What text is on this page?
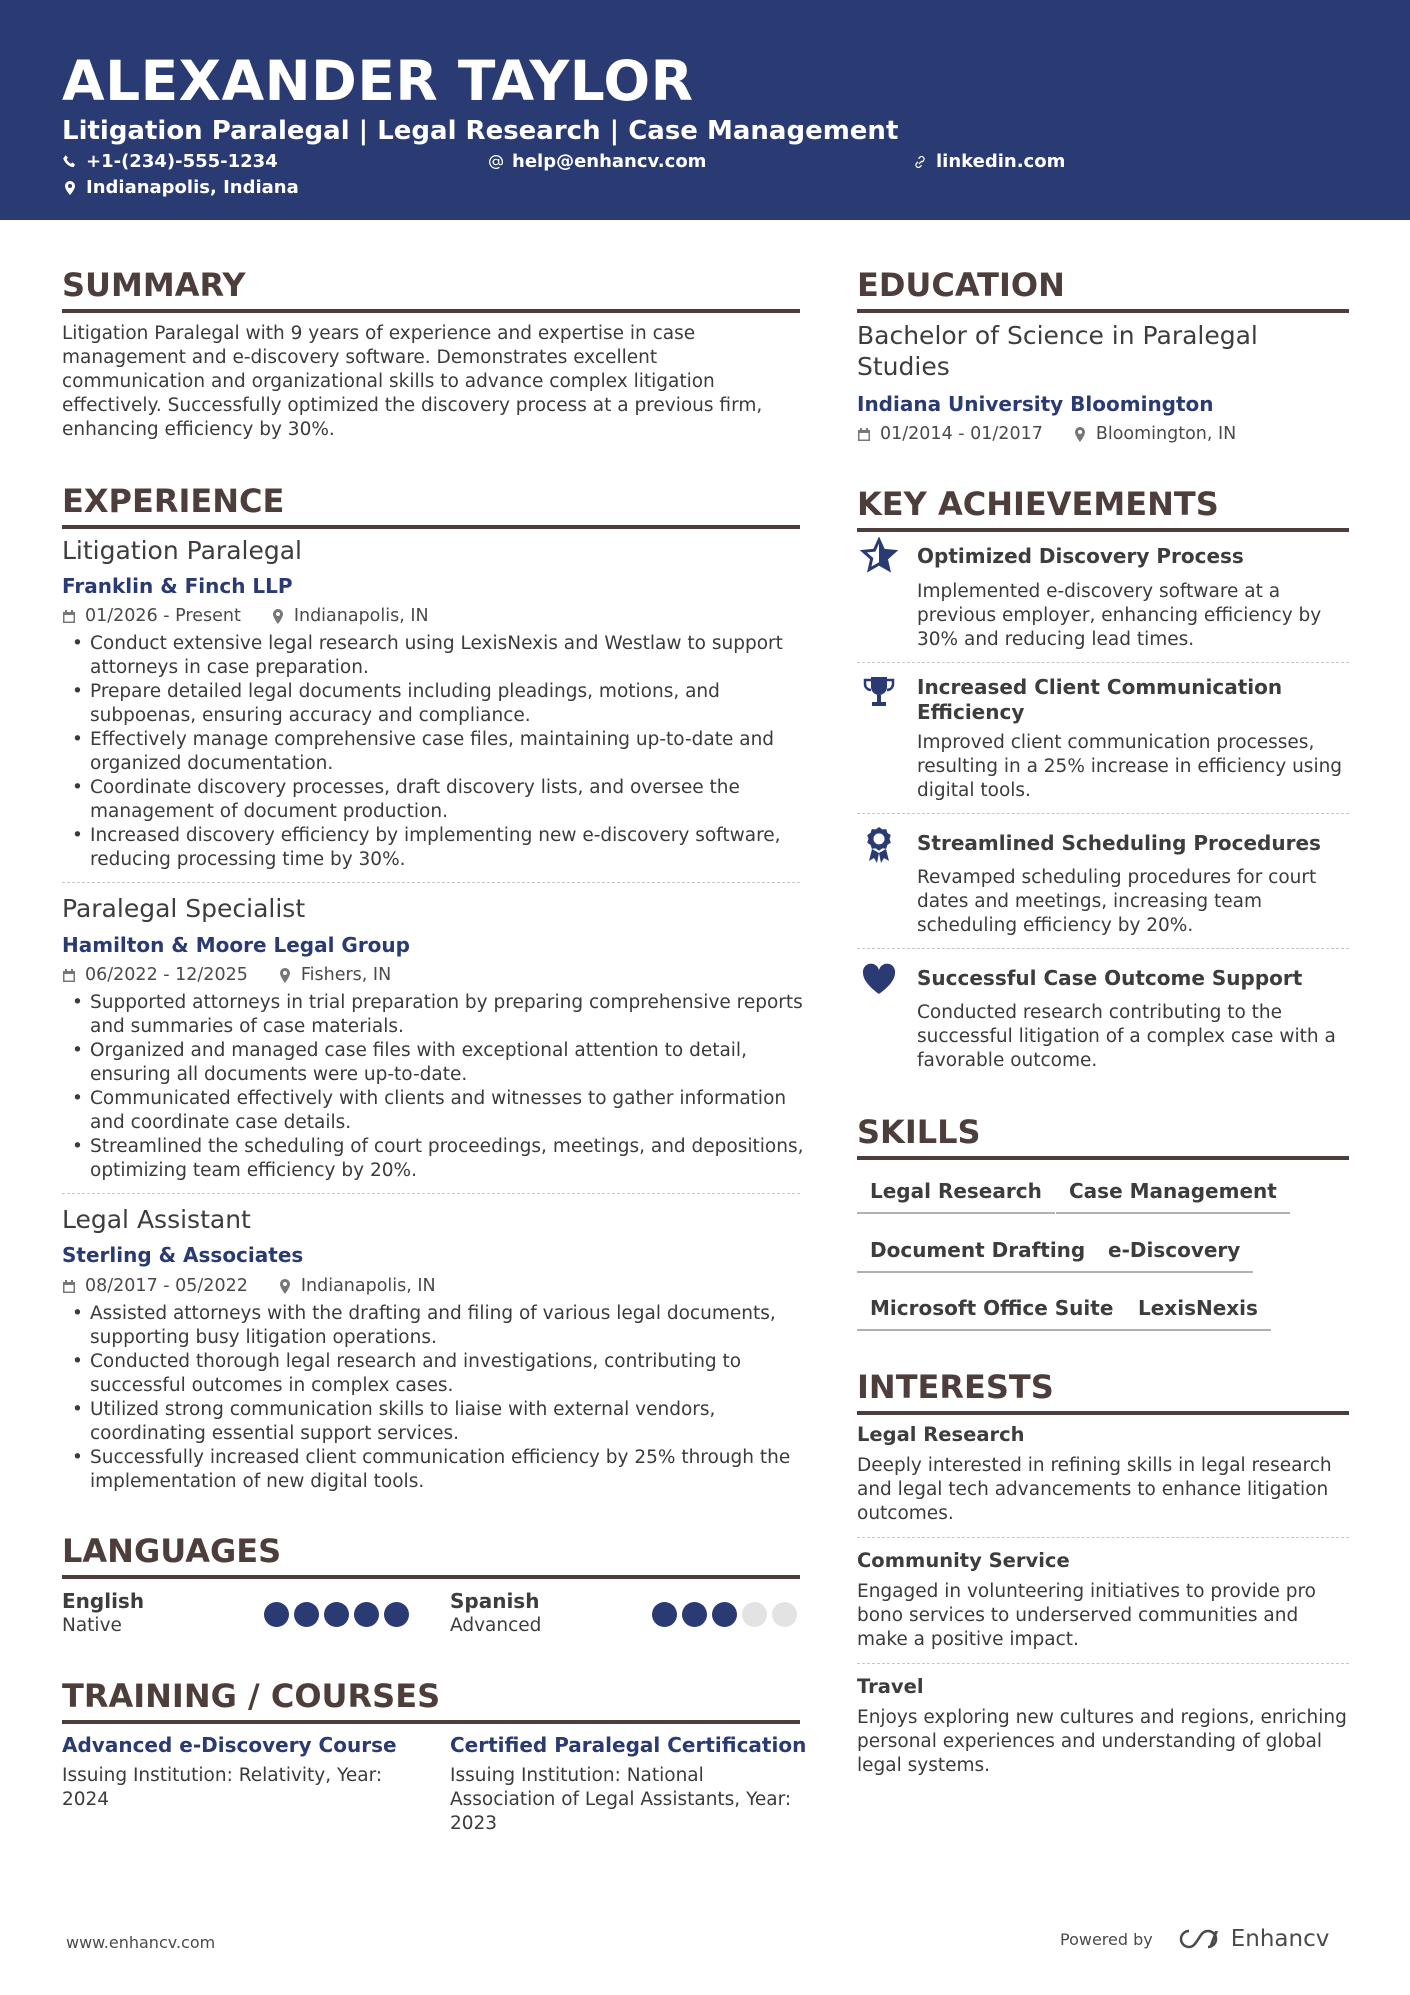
ALEXANDER TAYLOR
Litigation Paralegal | Legal Research | Case Management
+1-(234)-555-1234	help@enhancv.com	linkedin.com
Indianapolis, Indiana
SUMMARY
Litigation Paralegal with 9 years of experience and expertise in case management and e-discovery software. Demonstrates excellent communication and organizational skills to advance complex litigation effectively. Successfully optimized the discovery process at a previous firm, enhancing efficiency by 30%.
EXPERIENCE
Litigation Paralegal
Franklin & Finch LLP
01/2026 - Present	Indianapolis, IN
• Conduct extensive legal research using LexisNexis and Westlaw to support attorneys in case preparation.
• Prepare detailed legal documents including pleadings, motions, and subpoenas, ensuring accuracy and compliance.
• Effectively manage comprehensive case files, maintaining up-to-date and organized documentation.
• Coordinate discovery processes, draft discovery lists, and oversee the management of document production.
• Increased discovery efficiency by implementing new e-discovery software, reducing processing time by 30%.
Paralegal Specialist
Hamilton & Moore Legal Group
06/2022 - 12/2025	Fishers, IN
• Supported attorneys in trial preparation by preparing comprehensive reports and summaries of case materials.
• Organized and managed case files with exceptional attention to detail, ensuring all documents were up-to-date.
• Communicated effectively with clients and witnesses to gather information and coordinate case details.
• Streamlined the scheduling of court proceedings, meetings, and depositions, optimizing team efficiency by 20%.
Legal Assistant
Sterling & Associates
08/2017 - 05/2022	Indianapolis, IN
• Assisted attorneys with the drafting and filing of various legal documents, supporting busy litigation operations.
• Conducted thorough legal research and investigations, contributing to successful outcomes in complex cases.
• Utilized strong communication skills to liaise with external vendors, coordinating essential support services.
• Successfully increased client communication efficiency by 25% through the implementation of new digital tools.
LANGUAGES
English
Native
Spanish
Advanced
TRAINING / COURSES
Advanced e-Discovery Course
Issuing Institution: Relativity, Year: 2024
Certified Paralegal Certification
Issuing Institution: National Association of Legal Assistants, Year: 2023
EDUCATION
Bachelor of Science in Paralegal Studies
Indiana University Bloomington
01/2014 - 01/2017	Bloomington, IN
KEY ACHIEVEMENTS
Optimized Discovery Process
Implemented e-discovery software at a previous employer, enhancing efficiency by 30% and reducing lead times.
Increased Client Communication Efficiency
Improved client communication processes, resulting in a 25% increase in efficiency using digital tools.
Streamlined Scheduling Procedures
Revamped scheduling procedures for court dates and meetings, increasing team scheduling efficiency by 20%.
Successful Case Outcome Support
Conducted research contributing to the successful litigation of a complex case with a favorable outcome.
SKILLS
Legal Research	Case Management
Document Drafting	e-Discovery
Microsoft Office Suite	LexisNexis
INTERESTS
Legal Research
Deeply interested in refining skills in legal research and legal tech advancements to enhance litigation outcomes.
Community Service
Engaged in volunteering initiatives to provide pro bono services to underserved communities and make a positive impact.
Travel
Enjoys exploring new cultures and regions, enriching personal experiences and understanding of global legal systems.
www.enhancv.com	Powered by	Enhancv
